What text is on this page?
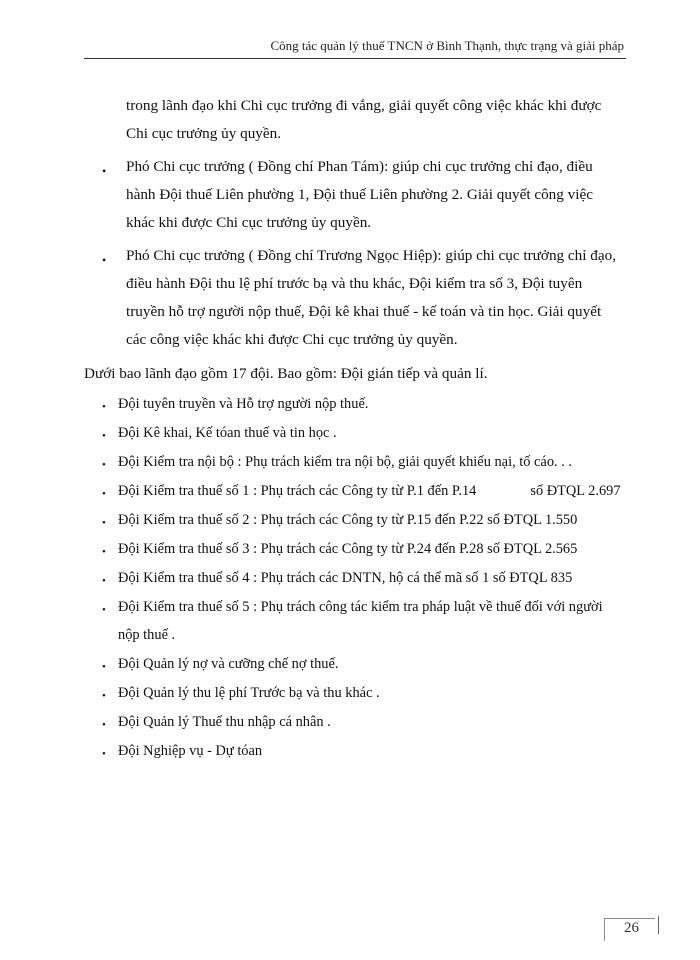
Công tác quản lý thuế TNCN ở Bình Thạnh, thực trạng và giải pháp

trong lãnh đạo khi Chi cục trưởng đi vắng, giải quyết công việc khác khi được Chi cục trưởng ủy quyền.

• Phó Chi cục trưởng ( Đồng chí Phan Tám): giúp chi cục trưởng chỉ đạo, điều hành Đội thuế Liên phường 1, Đội thuế Liên phường 2. Giải quyết công việc khác khi được Chi cục trưởng ủy quyền.
• Phó Chi cục trưởng ( Đồng chí Trương Ngọc Hiệp): giúp chi cục trưởng chỉ đạo, điều hành Đội thu lệ phí trước bạ và thu khác, Đội kiểm tra số 3, Đội tuyên truyền hỗ trợ người nộp thuế, Đội kê khai thuế - kế toán và tin học. Giải quyết các công việc khác khi được Chi cục trưởng ủy quyền.

Dưới bao lãnh đạo gồm 17 đội. Bao gồm: Đội gián tiếp và quản lí.

• Đội tuyên truyền và Hỗ trợ người nộp thuế.
• Đội Kê khai, Kế tóan thuế và tin học .
• Đội Kiểm tra nội bộ : Phụ trách kiểm tra nội bộ, giải quyết khiếu nại, tố cáo. . .
• Đội Kiểm tra thuế số 1 : Phụ trách các Công ty từ P.1 đến P.14	số ĐTQL 2.697
• Đội Kiểm tra thuế số 2 : Phụ trách các Công ty từ P.15 đến P.22 số ĐTQL 1.550
• Đội Kiểm tra thuế số 3 : Phụ trách các Công ty từ P.24 đến P.28 số ĐTQL 2.565
• Đội Kiểm tra thuế số 4 : Phụ trách các DNTN, hộ cá thể mã số 1 số ĐTQL 835
• Đội Kiểm tra thuế số 5 : Phụ trách công tác kiểm tra pháp luật về thuế đối với người nộp thuế .
• Đội Quản lý nợ và cưỡng chế nợ thuế.
• Đội Quản lý thu lệ phí Trước bạ và thu khác .
• Đội Quản lý Thuế thu nhập cá nhân .
• Đội Nghiệp vụ - Dự tóan
26
